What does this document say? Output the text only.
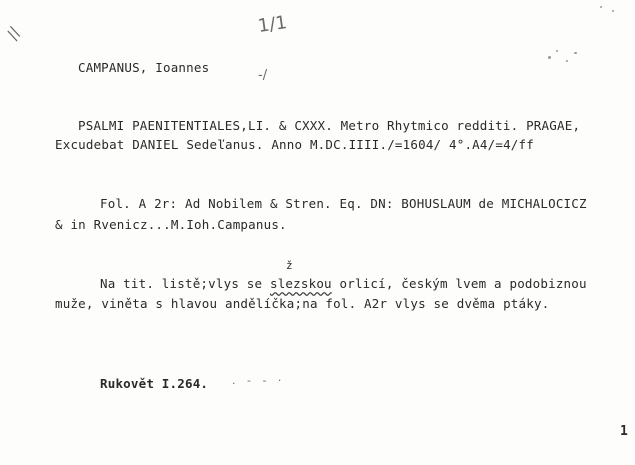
//	1/1
-/
CAMPANUS, Ioannes
PSALMI PAENITENTIALES,LI. & CXXX. Metro Rhytmico redditi. PRAGAE,
Excudebat DANIEL Sedeľanus. Anno M.DC.IIII./=1604/ 4°.A4/=4/ff
Fol. A 2r: Ad Nobilem & Stren. Eq. DN: BOHUSLAUM de MICHALOCICZ
& in Rvenicz...M.Ioh.Campanus.
ž
Na tit. listě;vlys se slezskou orlicí, českým lvem a podobiznou
muže, viněta s hlavou andělíčka;na fol. A2r vlys se dvěma ptáky.
Rukovět I.264. . - - ·
1
